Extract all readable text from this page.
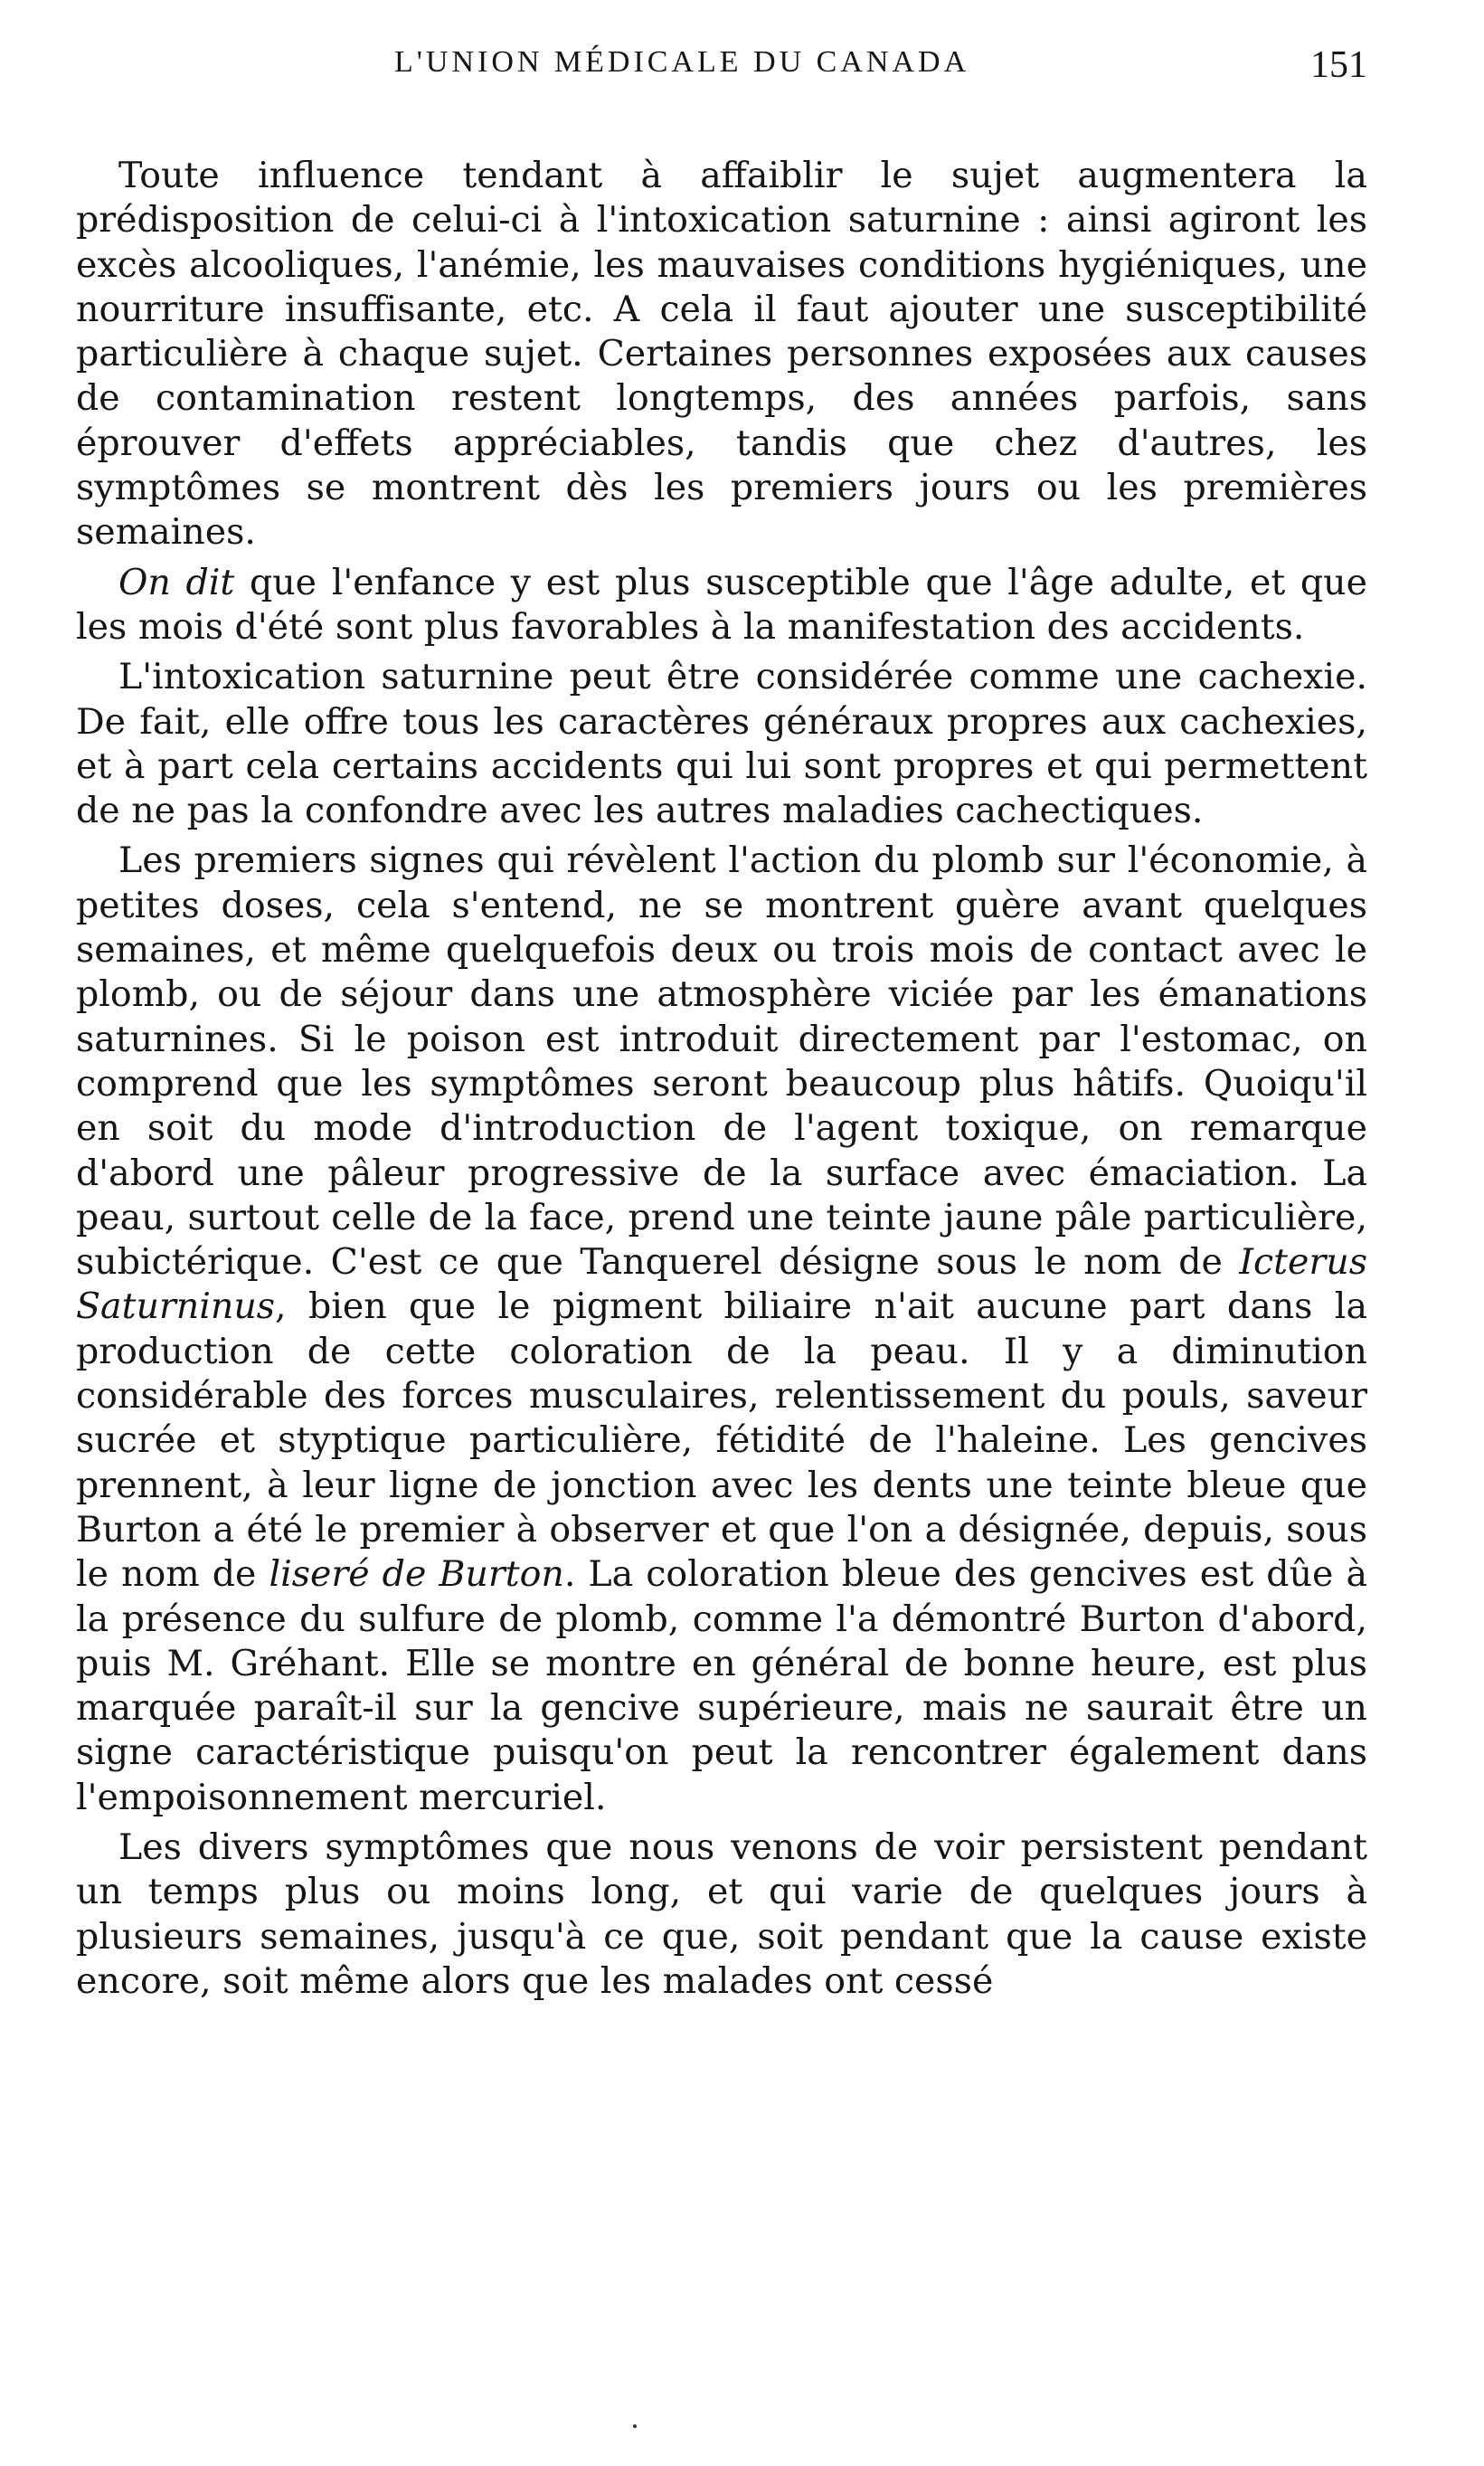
L'UNION MÉDICALE DU CANADA	151

Toute influence tendant à affaiblir le sujet augmentera la prédisposition de celui-ci à l'intoxication saturnine : ainsi agiront les excès alcooliques, l'anémie, les mauvaises conditions hygiéniques, une nourriture insuffisante, etc. A cela il faut ajouter une susceptibilité particulière à chaque sujet. Certaines personnes exposées aux causes de contamination restent longtemps, des années parfois, sans éprouver d'effets appréciables, tandis que chez d'autres, les symptômes se montrent dès les premiers jours ou les premières semaines.

On dit que l'enfance y est plus susceptible que l'âge adulte, et que les mois d'été sont plus favorables à la manifestation des accidents.

L'intoxication saturnine peut être considérée comme une cachexie. De fait, elle offre tous les caractères généraux propres aux cachexies, et à part cela certains accidents qui lui sont propres et qui permettent de ne pas la confondre avec les autres maladies cachectiques.

Les premiers signes qui révèlent l'action du plomb sur l'économie, à petites doses, cela s'entend, ne se montrent guère avant quelques semaines, et même quelquefois deux ou trois mois de contact avec le plomb, ou de séjour dans une atmosphère viciée par les émanations saturnines. Si le poison est introduit directement par l'estomac, on comprend que les symptômes seront beaucoup plus hâtifs. Quoiqu'il en soit du mode d'introduction de l'agent toxique, on remarque d'abord une pâleur progressive de la surface avec émaciation. La peau, surtout celle de la face, prend une teinte jaune pâle particulière, subictérique. C'est ce que Tanquerel désigne sous le nom de Icterus Saturninus, bien que le pigment biliaire n'ait aucune part dans la production de cette coloration de la peau. Il y a diminution considérable des forces musculaires, relentissement du pouls, saveur sucrée et styptique particulière, fétidité de l'haleine. Les gencives prennent, à leur ligne de jonction avec les dents une teinte bleue que Burton a été le premier à observer et que l'on a désignée, depuis, sous le nom de liseré de Burton. La coloration bleue des gencives est dûe à la présence du sulfure de plomb, comme l'a démontré Burton d'abord, puis M. Gréhant. Elle se montre en général de bonne heure, est plus marquée paraît-il sur la gencive supérieure, mais ne saurait être un signe caractéristique puisqu'on peut la rencontrer également dans l'empoisonnement mercuriel.

Les divers symptômes que nous venons de voir persistent pendant un temps plus ou moins long, et qui varie de quelques jours à plusieurs semaines, jusqu'à ce que, soit pendant que la cause existe encore, soit même alors que les malades ont cessé
